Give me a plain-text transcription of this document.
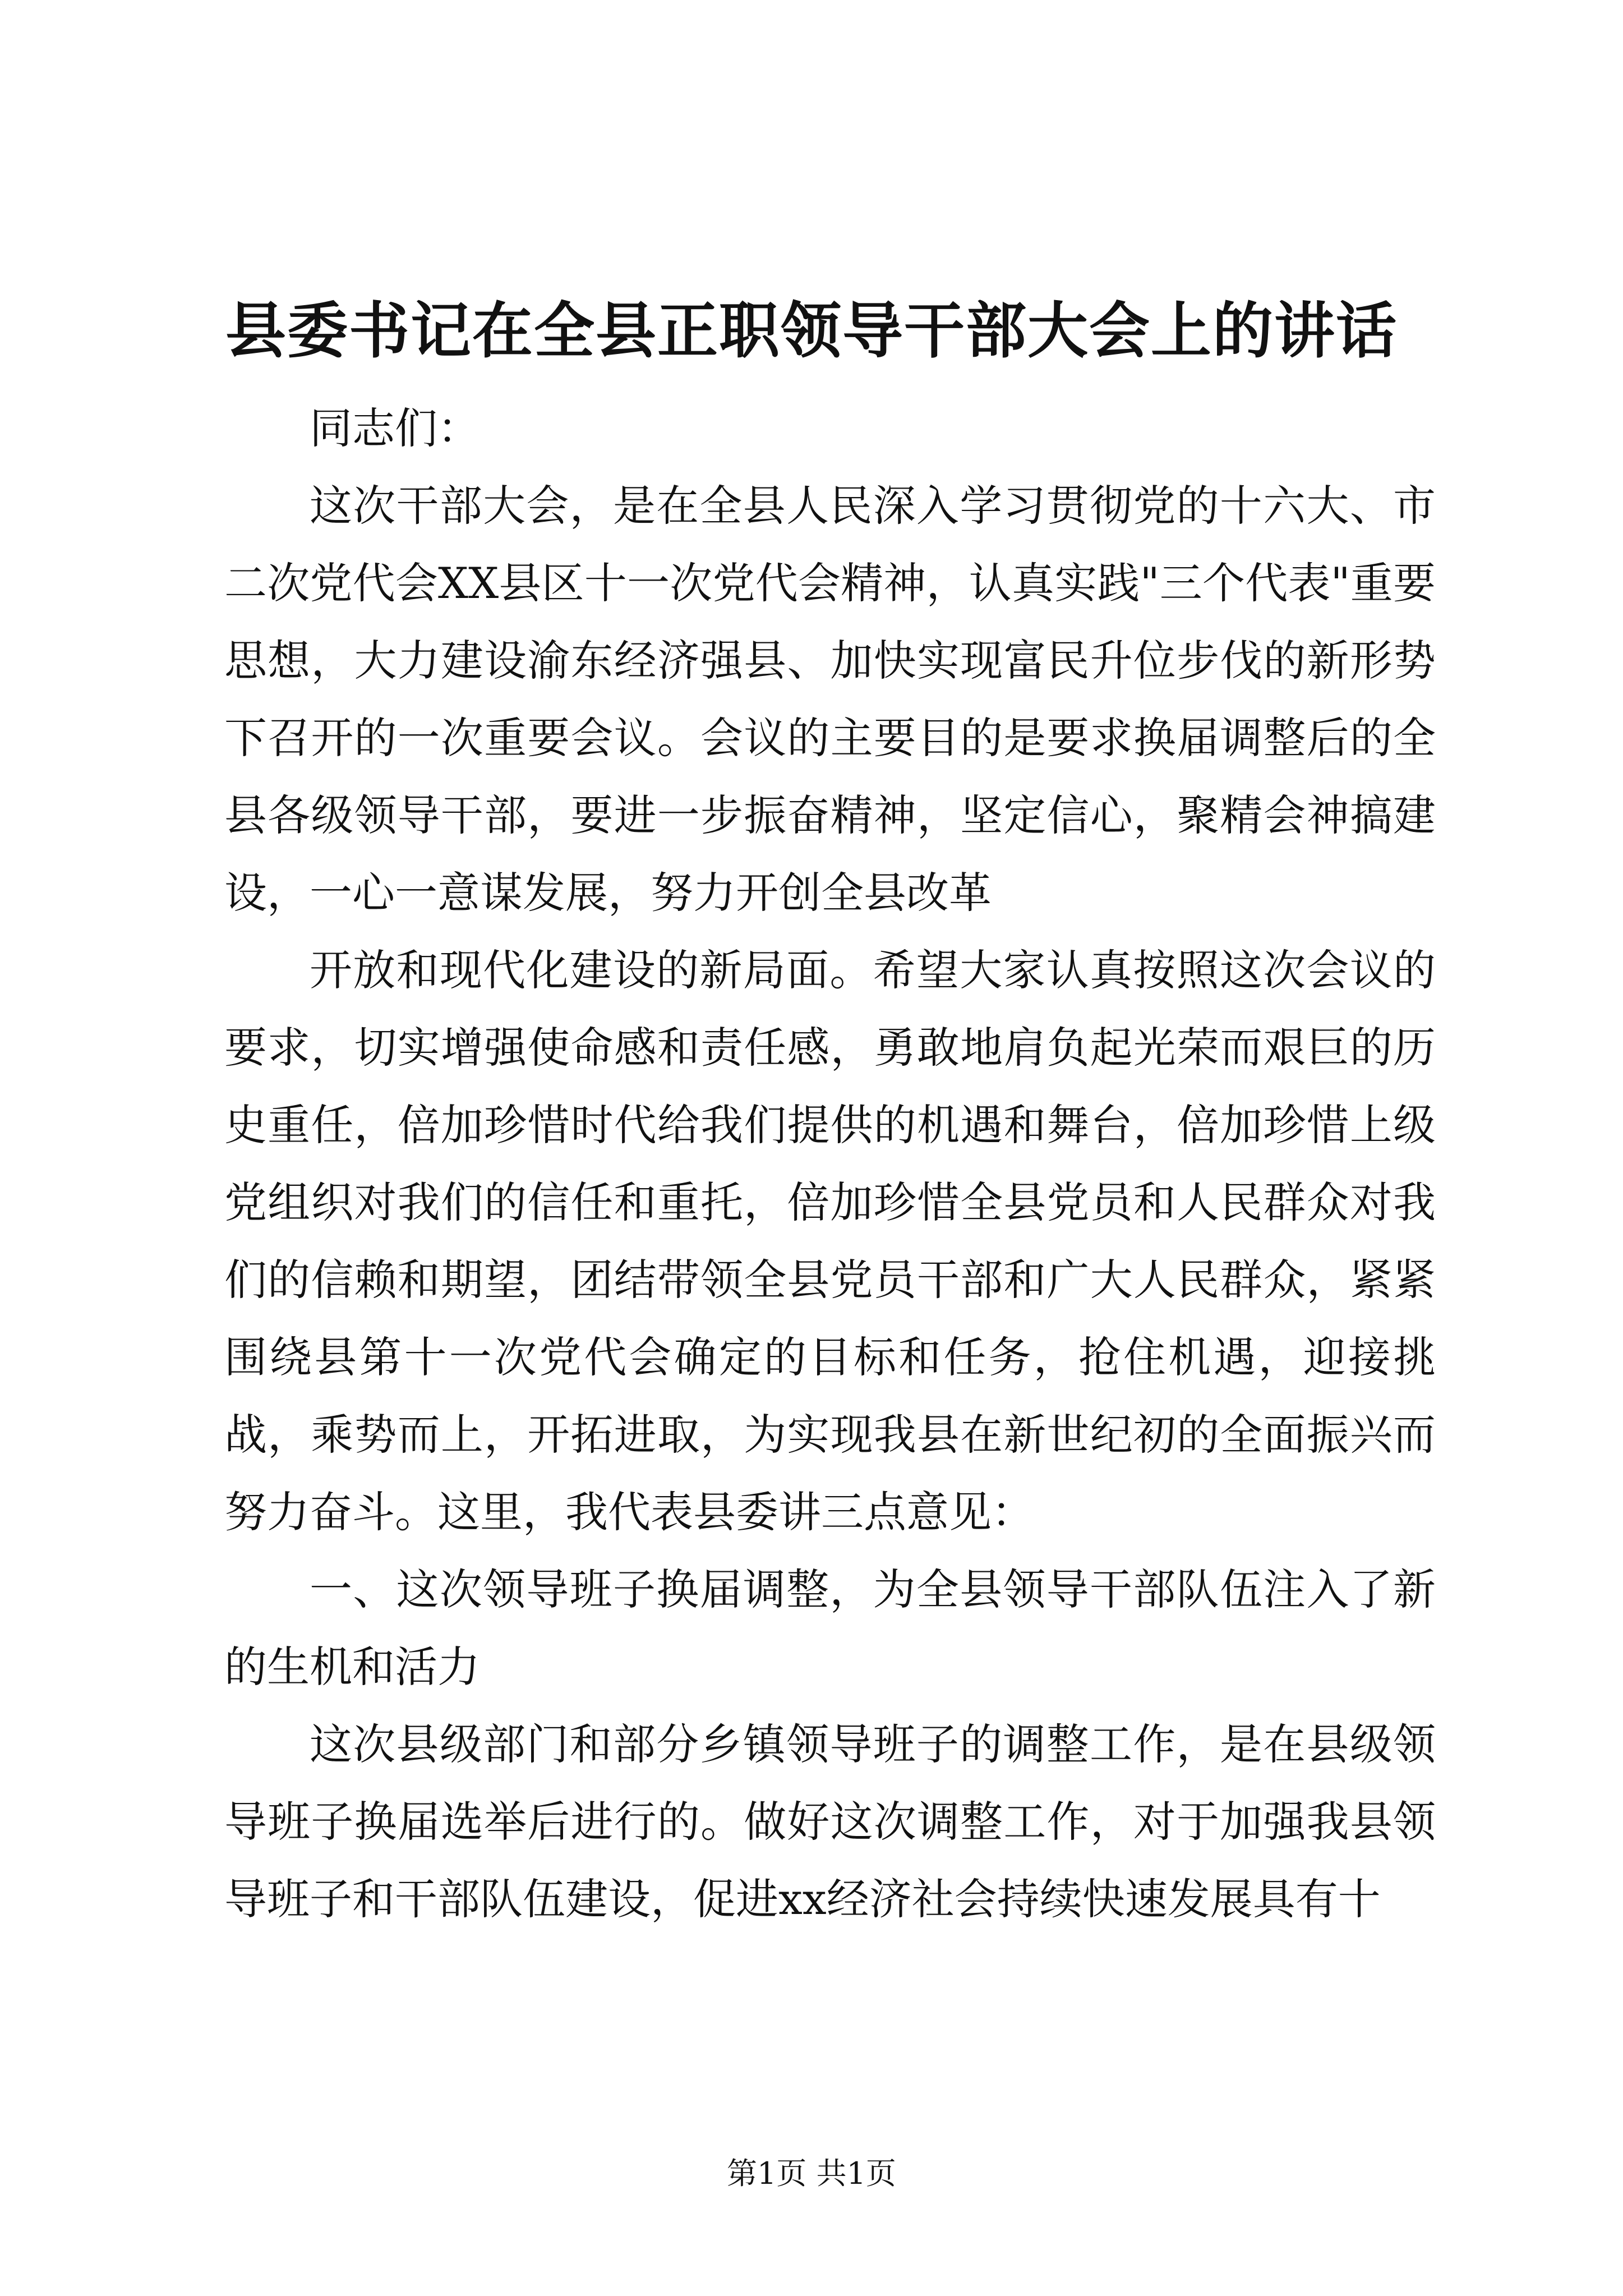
县委书记在全县正职领导干部大会上的讲话

同志们：

这次干部大会，是在全县人民深入学习贯彻党的十六大、市二次党代会XX县区十一次党代会精神，认真实践"三个代表"重要思想，大力建设渝东经济强县、加快实现富民升位步伐的新形势下召开的一次重要会议。会议的主要目的是要求换届调整后的全县各级领导干部，要进一步振奋精神，坚定信心，聚精会神搞建设，一心一意谋发展，努力开创全县改革

开放和现代化建设的新局面。希望大家认真按照这次会议的要求，切实增强使命感和责任感，勇敢地肩负起光荣而艰巨的历史重任，倍加珍惜时代给我们提供的机遇和舞台，倍加珍惜上级党组织对我们的信任和重托，倍加珍惜全县党员和人民群众对我们的信赖和期望，团结带领全县党员干部和广大人民群众，紧紧围绕县第十一次党代会确定的目标和任务，抢住机遇，迎接挑战，乘势而上，开拓进取，为实现我县在新世纪初的全面振兴而努力奋斗。这里，我代表县委讲三点意见：

一、这次领导班子换届调整，为全县领导干部队伍注入了新的生机和活力

这次县级部门和部分乡镇领导班子的调整工作，是在县级领导班子换届选举后进行的。做好这次调整工作，对于加强我县领导班子和干部队伍建设，促进xx经济社会持续快速发展具有十

第1页 共1页
